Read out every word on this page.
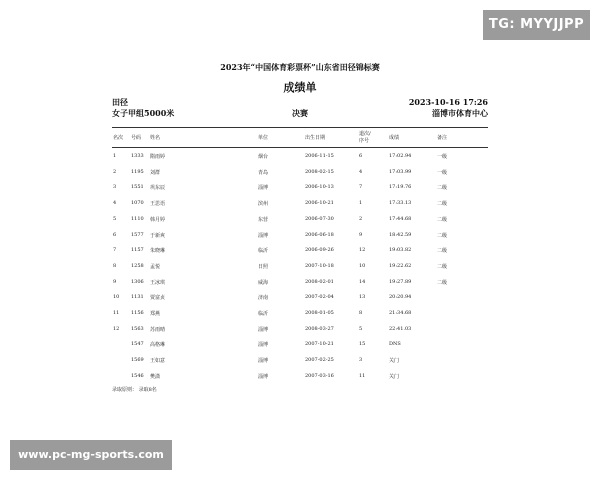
TG: MYYJJPP
2023年“中国体育彩票杯”山东省田径锦标赛
成绩单
田径
女子甲组5000米	决赛
2023-10-16 17:26
淄博市体育中心
名次 号码 姓名	单位	出生日期
道次/
序号	成绩	备注
1	1333 隋雨婷	烟台	2006-11-15	6	17:02.94	一级
2	1195 刘群	青岛	2008-02-15	4	17:03.99	一级
3	1551 巩东辰	淄博	2006-10-13	7	17:19.76	二级
4	1070 王思语	滨州	2006-10-21	1	17:33.13	二级
5	1110 韩月婷	东营	2006-07-30	2	17:44.68	二级
6	1577 于新爽	淄博	2006-06-18	9	18:42.59	二级
7	1157 朱晓琳	临沂	2006-09-26	12	19:03.82	二级
8	1258 孟悦	日照	2007-10-18	10	19:22.62	二级
9	1306 王冰琪	威海	2008-02-01	14	19:27.89	二级
10 1131 贾富贞	济南	2007-02-04	13	20:20.94
11 1156 郑燕	临沂	2008-01-05	8	21:34.68
12 1563 苏雨晴	淄博	2008-03-27	5	22:41.03
1547 高格琳	淄博	2007-10-21	15	DNS
1569 王如意	淄博	2007-02-25	3	关门
1546 樊潇	淄博	2007-03-16	11	关门
录取原则： 录取8名
www.pc-mg-sports.com
